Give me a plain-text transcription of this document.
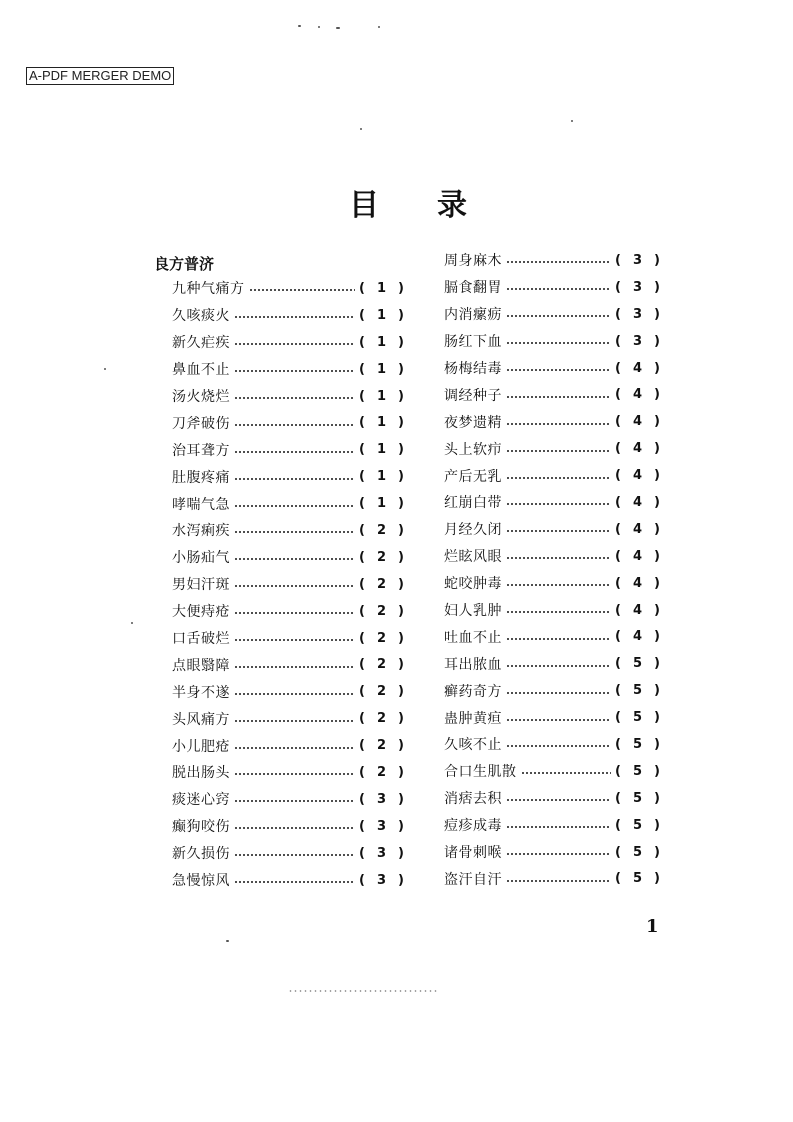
A-PDF MERGER DEMO
目录
良方普济
九种气痛方	( 1 )
久咳痰火	( 1 )
新久疟疾	( 1 )
鼻血不止	( 1 )
汤火烧烂	( 1 )
刀斧破伤	( 1 )
治耳聋方	( 1 )
肚腹疼痛	( 1 )
哮喘气急	( 1 )
水泻痢疾	( 2 )
小肠疝气	( 2 )
男妇汗斑	( 2 )
大便痔疮	( 2 )
口舌破烂	( 2 )
点眼翳障	( 2 )
半身不遂	( 2 )
头风痛方	( 2 )
小儿肥疮	( 2 )
脱出肠头	( 2 )
痰迷心窍	( 3 )
癫狗咬伤	( 3 )
新久损伤	( 3 )
急慢惊风	( 3 )
周身麻木	( 3 )
膈食翻胃	( 3 )
内消瘰疬	( 3 )
肠红下血	( 3 )
杨梅结毒	( 4 )
调经种子	( 4 )
夜梦遗精	( 4 )
头上软疖	( 4 )
产后无乳	( 4 )
红崩白带	( 4 )
月经久闭	( 4 )
烂眩风眼	( 4 )
蛇咬肿毒	( 4 )
妇人乳肿	( 4 )
吐血不止	( 4 )
耳出脓血	( 5 )
癣药奇方	( 5 )
蛊肿黄疸	( 5 )
久咳不止	( 5 )
合口生肌散	( 5 )
消痞去积	( 5 )
痘疹成毒	( 5 )
诸骨刺喉	( 5 )
盗汗自汗	( 5 )
1
